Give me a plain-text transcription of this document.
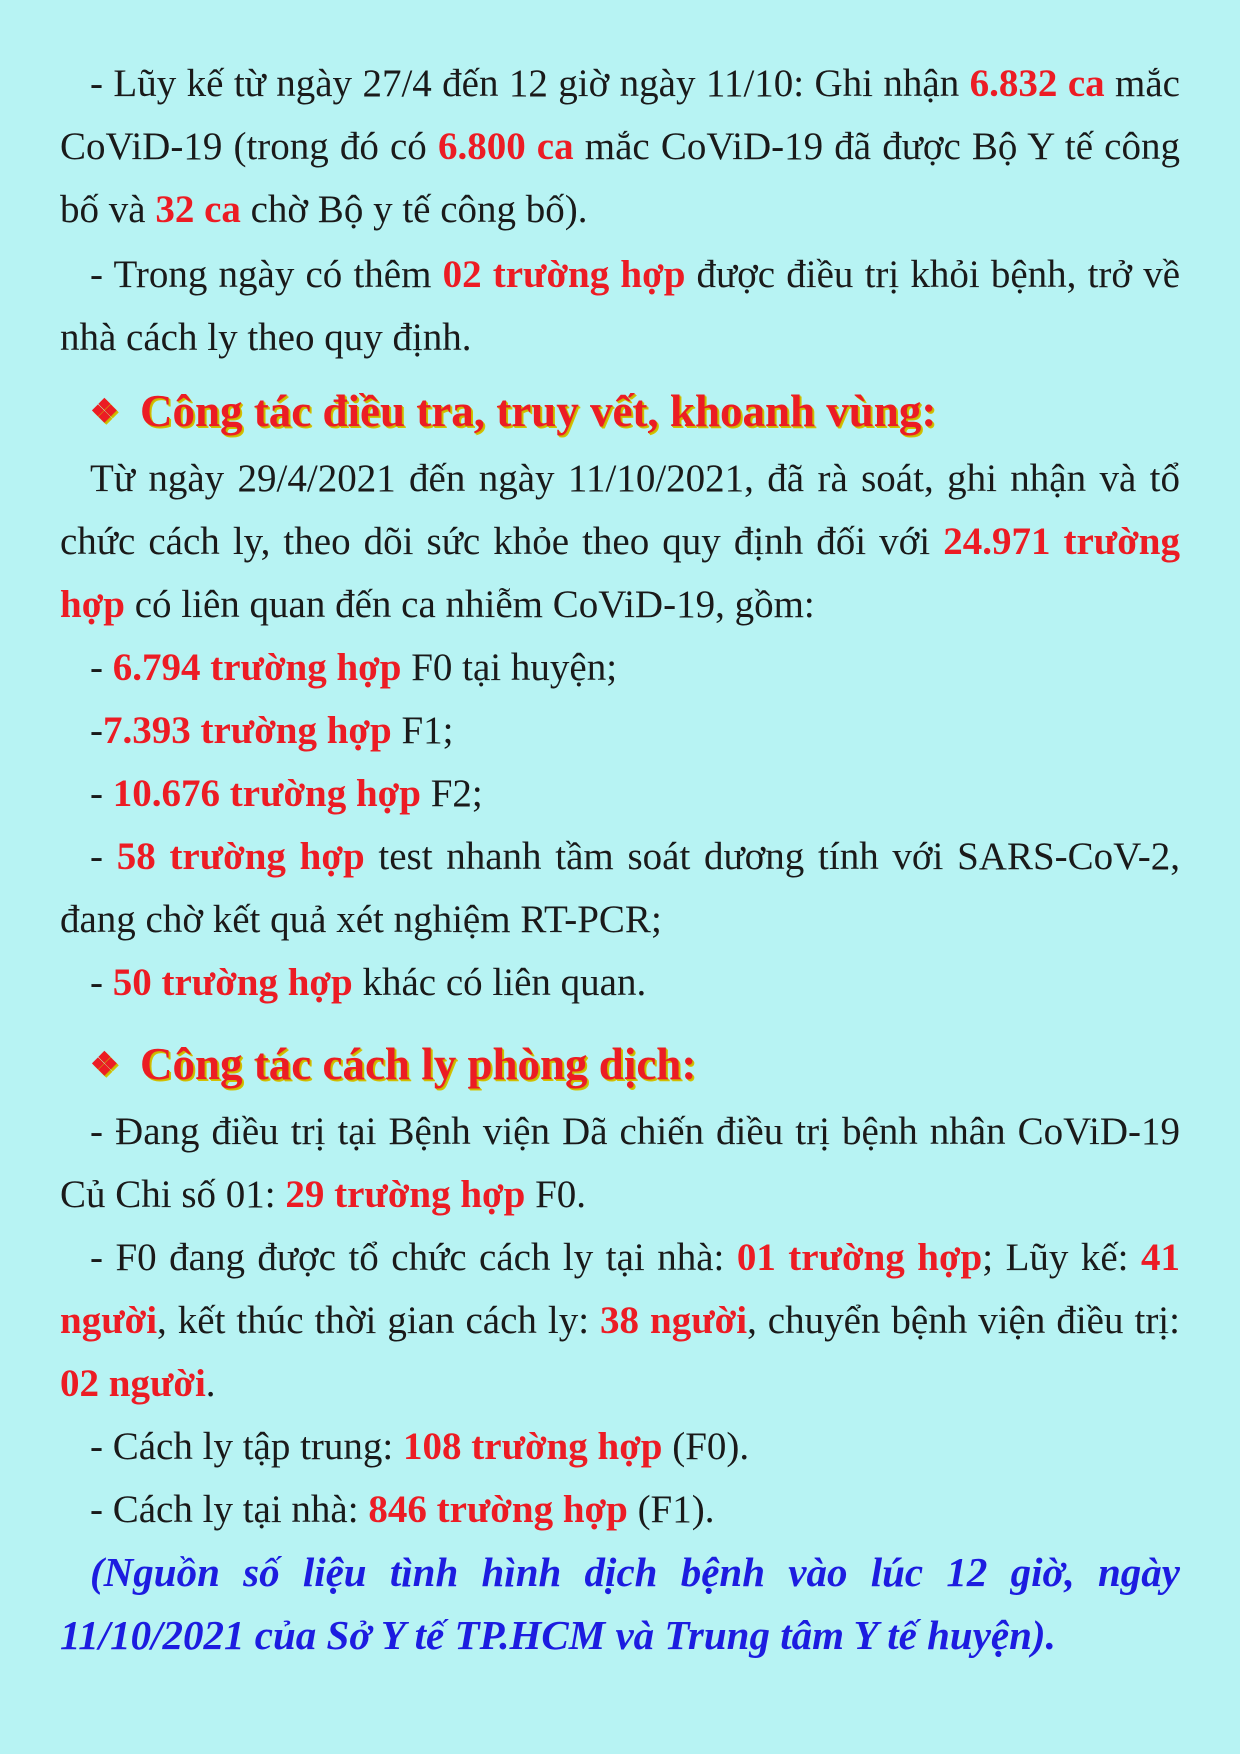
- Lũy kế từ ngày 27/4 đến 12 giờ ngày 11/10: Ghi nhận 6.832 ca mắc CoViD-19 (trong đó có 6.800 ca mắc CoViD-19 đã được Bộ Y tế công bố và 32 ca chờ Bộ y tế công bố).

- Trong ngày có thêm 02 trường hợp được điều trị khỏi bệnh, trở về nhà cách ly theo quy định.

❖ Công tác điều tra, truy vết, khoanh vùng:

Từ ngày 29/4/2021 đến ngày 11/10/2021, đã rà soát, ghi nhận và tổ chức cách ly, theo dõi sức khỏe theo quy định đối với 24.971 trường hợp có liên quan đến ca nhiễm CoViD-19, gồm:

- 6.794 trường hợp F0 tại huyện;

-7.393 trường hợp F1;

- 10.676 trường hợp F2;

- 58 trường hợp test nhanh tầm soát dương tính với SARS-CoV-2, đang chờ kết quả xét nghiệm RT-PCR;

- 50 trường hợp khác có liên quan.

❖ Công tác cách ly phòng dịch:

- Đang điều trị tại Bệnh viện Dã chiến điều trị bệnh nhân CoViD-19 Củ Chi số 01: 29 trường hợp F0.

- F0 đang được tổ chức cách ly tại nhà: 01 trường hợp; Lũy kế: 41 người, kết thúc thời gian cách ly: 38 người, chuyển bệnh viện điều trị: 02 người.

- Cách ly tập trung: 108 trường hợp (F0).

- Cách ly tại nhà: 846 trường hợp (F1).

(Nguồn số liệu tình hình dịch bệnh vào lúc 12 giờ, ngày 11/10/2021 của Sở Y tế TP.HCM và Trung tâm Y tế huyện).
